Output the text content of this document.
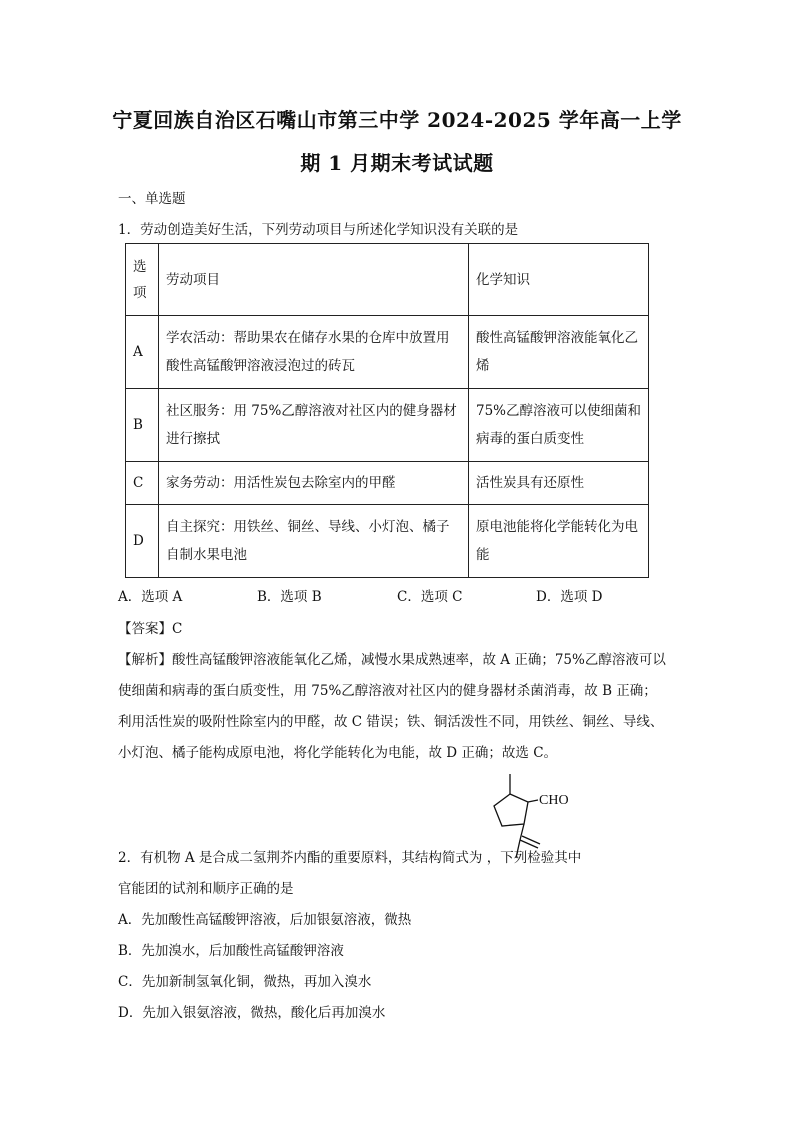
宁夏回族自治区石嘴山市第三中学 2024-2025 学年高一上学
期 1 月期末考试试题
一、单选题
1．劳动创造美好生活，下列劳动项目与所述化学知识没有关联的是
选项	劳动项目	化学知识
A	学农活动：帮助果农在储存水果的仓库中放置用酸性高锰酸钾溶液浸泡过的砖瓦	酸性高锰酸钾溶液能氧化乙烯
B	社区服务：用 75%乙醇溶液对社区内的健身器材进行擦拭	75%乙醇溶液可以使细菌和病毒的蛋白质变性
C	家务劳动：用活性炭包去除室内的甲醛	活性炭具有还原性
D	自主探究：用铁丝、铜丝、导线、小灯泡、橘子自制水果电池	原电池能将化学能转化为电能
A．选项 A	B．选项 B	C．选项 C	D．选项 D
【答案】C
【解析】酸性高锰酸钾溶液能氧化乙烯，减慢水果成熟速率，故 A 正确；75%乙醇溶液可以
使细菌和病毒的蛋白质变性，用 75%乙醇溶液对社区内的健身器材杀菌消毒，故 B 正确；
利用活性炭的吸附性除室内的甲醛，故 C 错误；铁、铜活泼性不同，用铁丝、铜丝、导线、
小灯泡、橘子能构成原电池，将化学能转化为电能，故 D 正确；故选 C。
CHO
2．有机物 A 是合成二氢荆芥内酯的重要原料，其结构简式为 ，下列检验其中
官能团的试剂和顺序正确的是
A．先加酸性高锰酸钾溶液，后加银氨溶液，微热
B．先加溴水，后加酸性高锰酸钾溶液
C．先加新制氢氧化铜，微热，再加入溴水
D．先加入银氨溶液，微热，酸化后再加溴水
